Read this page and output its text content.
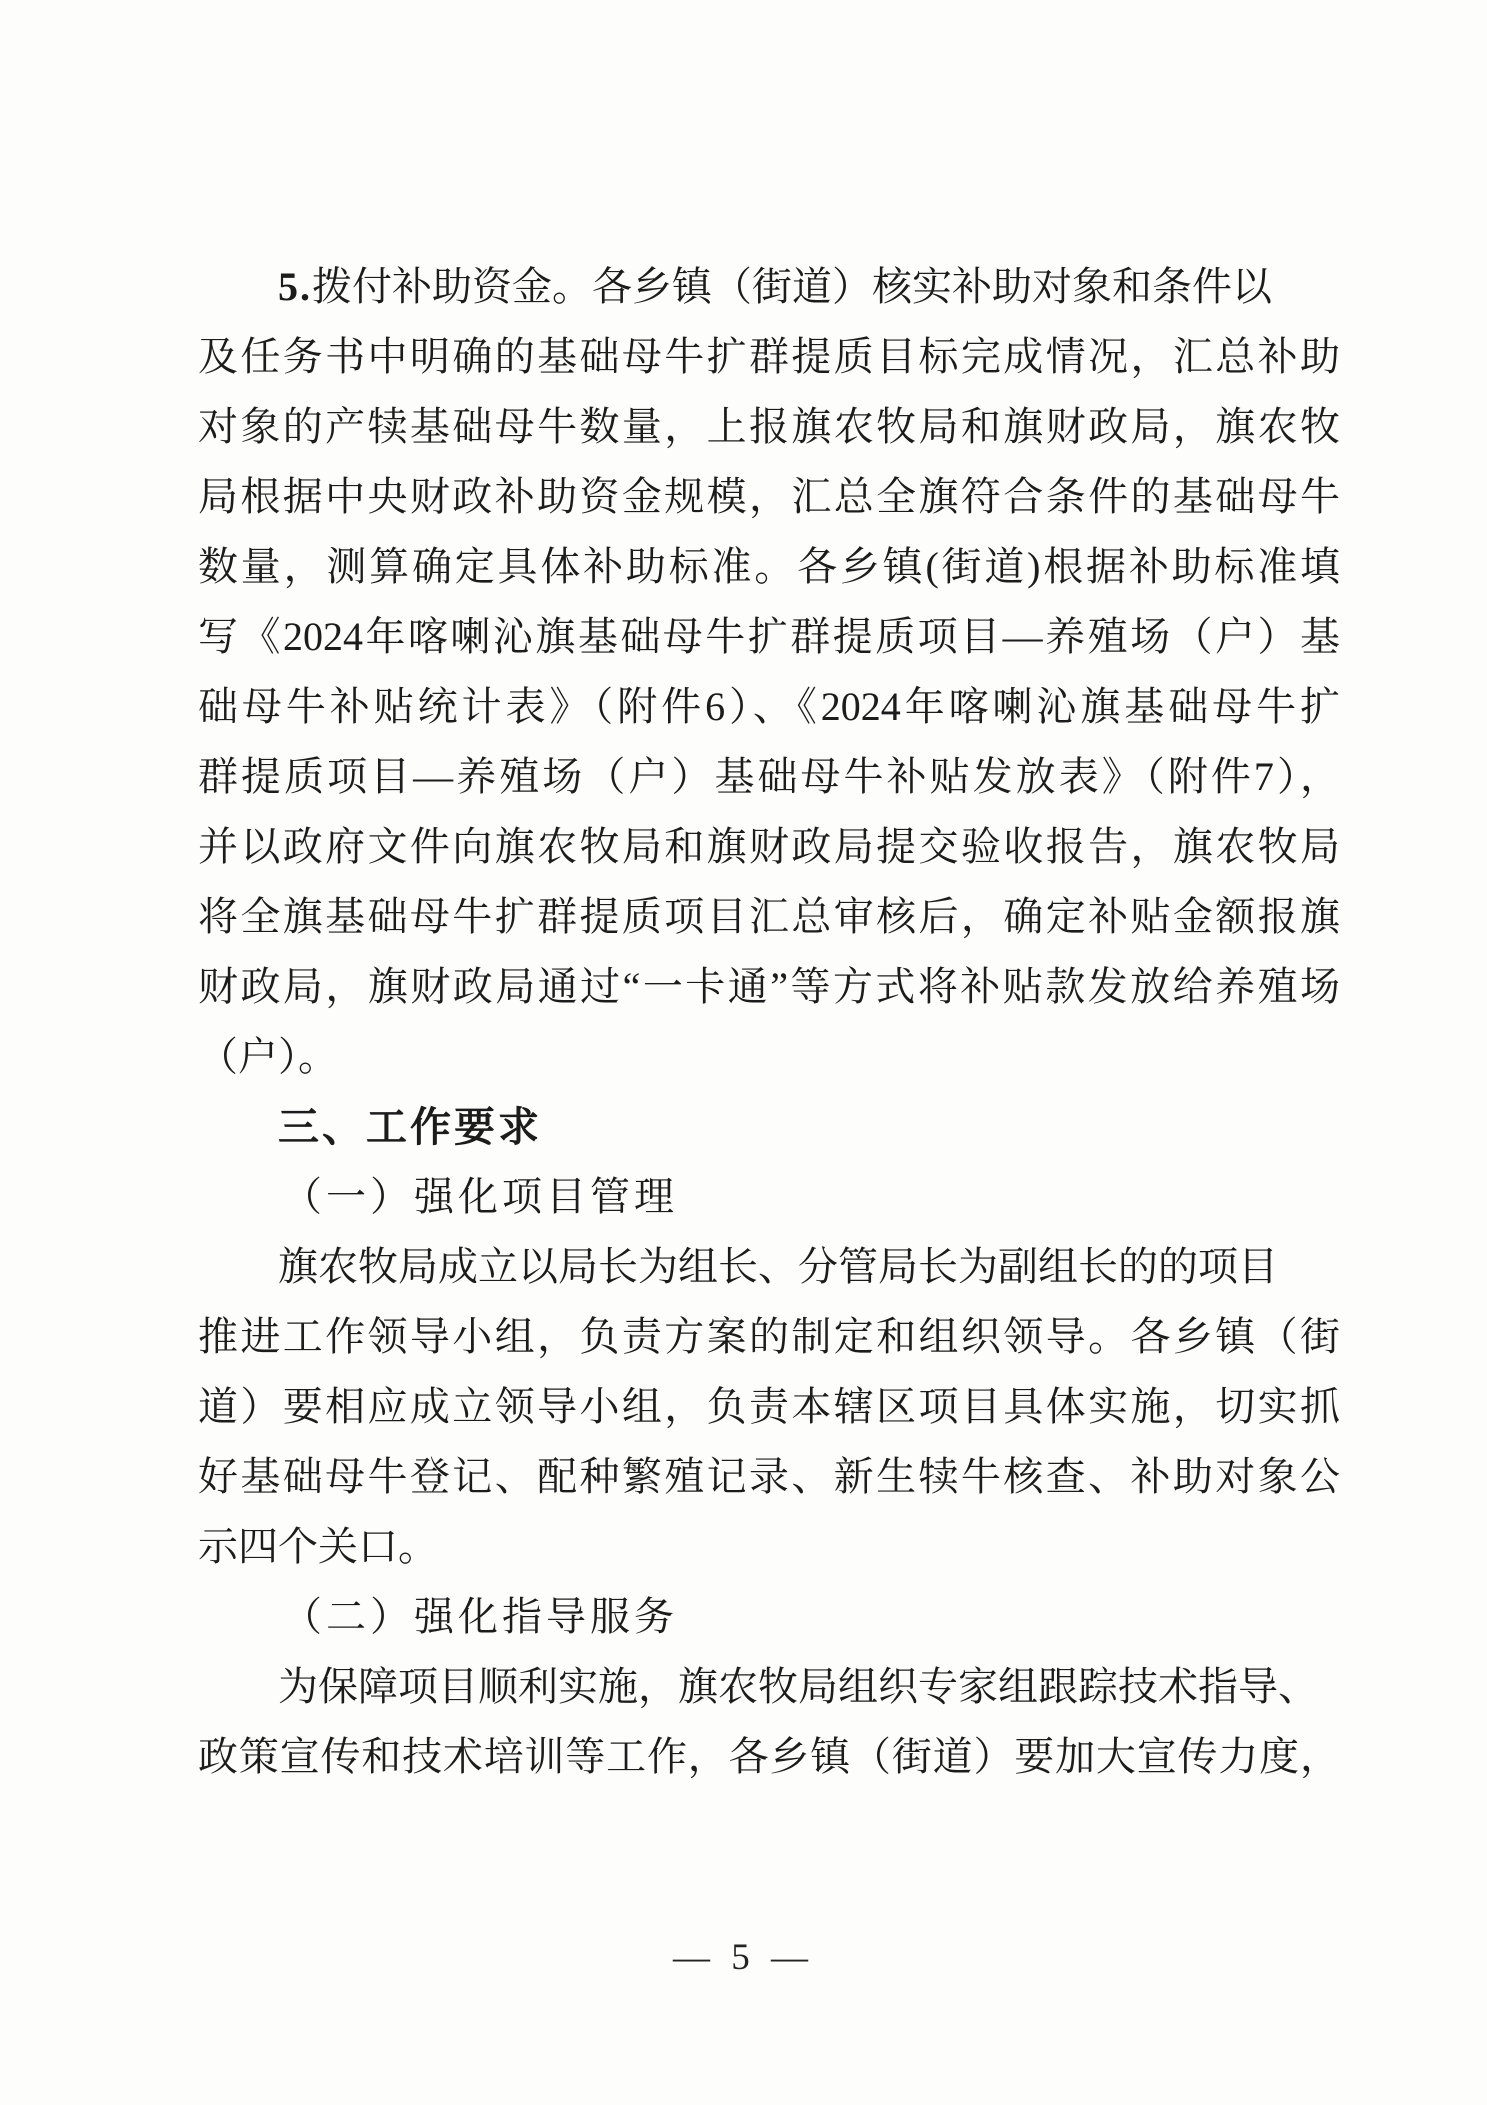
5.拨付补助资金。各乡镇（街道）核实补助对象和条件以
及任务书中明确的基础母牛扩群提质目标完成情况，汇总补助
对象的产犊基础母牛数量，上报旗农牧局和旗财政局，旗农牧
局根据中央财政补助资金规模，汇总全旗符合条件的基础母牛
数量，测算确定具体补助标准。各乡镇(街道)根据补助标准填
写《2024年喀喇沁旗基础母牛扩群提质项目—养殖场（户）基
础母牛补贴统计表》（附件6）、《2024年喀喇沁旗基础母牛扩
群提质项目—养殖场（户）基础母牛补贴发放表》（附件7），
并以政府文件向旗农牧局和旗财政局提交验收报告，旗农牧局
将全旗基础母牛扩群提质项目汇总审核后，确定补贴金额报旗
财政局，旗财政局通过“一卡通”等方式将补贴款发放给养殖场
（户）。
三、工作要求
（一）强化项目管理
旗农牧局成立以局长为组长、分管局长为副组长的的项目
推进工作领导小组，负责方案的制定和组织领导。各乡镇（街
道）要相应成立领导小组，负责本辖区项目具体实施，切实抓
好基础母牛登记、配种繁殖记录、新生犊牛核查、补助对象公
示四个关口。
（二）强化指导服务
为保障项目顺利实施，旗农牧局组织专家组跟踪技术指导、
政策宣传和技术培训等工作，各乡镇（街道）要加大宣传力度，
— 5 —
